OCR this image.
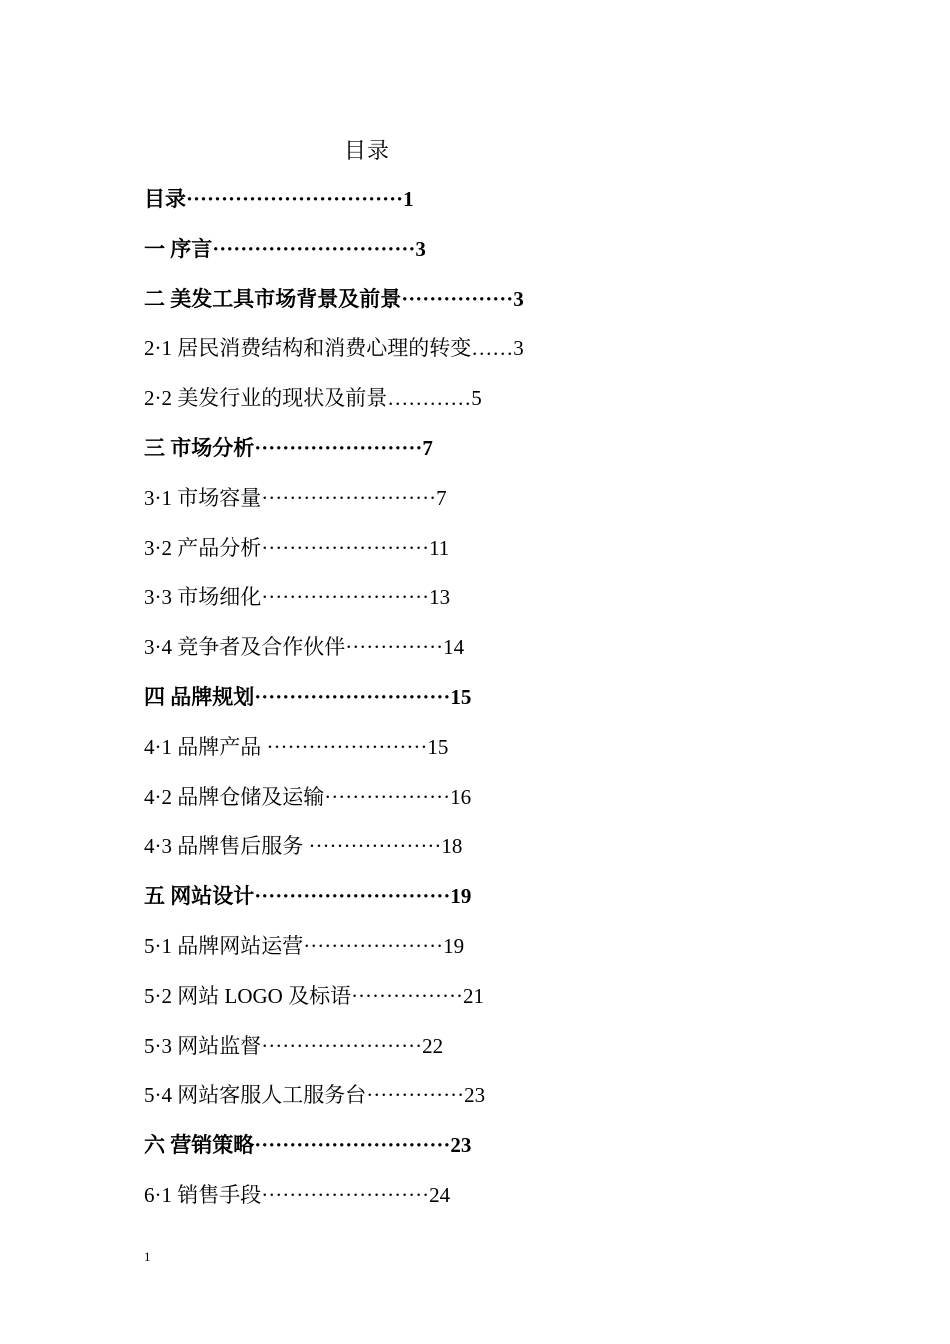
目录
目录·······························1
一 序言·····························3
二 美发工具市场背景及前景················3
2·1 居民消费结构和消费心理的转变……3
2·2 美发行业的现状及前景…………5
三 市场分析························7
3·1 市场容量·························7
3·2 产品分析························11
3·3 市场细化························13
3·4 竞争者及合作伙伴··············14
四 品牌规划····························15
4·1 品牌产品 ·······················15
4·2 品牌仓储及运输··················16
4·3 品牌售后服务 ···················18
五 网站设计····························19
5·1 品牌网站运营····················19
5·2 网站 LOGO 及标语················21
5·3 网站监督·······················22
5·4 网站客服人工服务台··············23
六 营销策略····························23
6·1 销售手段························24
1
